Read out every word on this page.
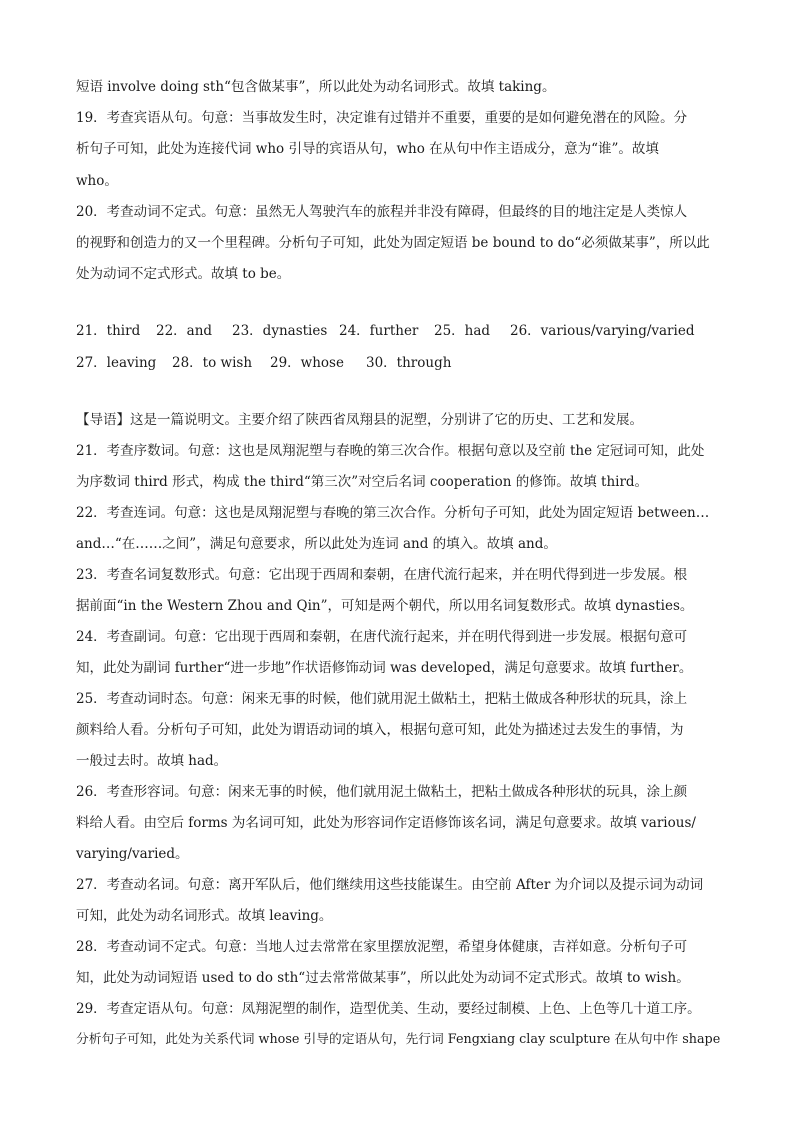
短语 involve doing sth“包含做某事”，所以此处为动名词形式。故填 taking。
19．考查宾语从句。句意：当事故发生时，决定谁有过错并不重要，重要的是如何避免潜在的风险。分
析句子可知，此处为连接代词 who 引导的宾语从句，who 在从句中作主语成分，意为“谁”。故填
who。
20．考查动词不定式。句意：虽然无人驾驶汽车的旅程并非没有障碍，但最终的目的地注定是人类惊人
的视野和创造力的又一个里程碑。分析句子可知，此处为固定短语 be bound to do“必须做某事”，所以此
处为动词不定式形式。故填 to be。
21．third 22．and 23．dynasties 24．further 25．had 26．various/varying/varied
27．leaving 28．to wish 29．whose 30．through
【导语】这是一篇说明文。主要介绍了陕西省凤翔县的泥塑，分别讲了它的历史、工艺和发展。
21．考查序数词。句意：这也是凤翔泥塑与春晚的第三次合作。根据句意以及空前 the 定冠词可知，此处
为序数词 third 形式，构成 the third“第三次”对空后名词 cooperation 的修饰。故填 third。
22．考查连词。句意：这也是凤翔泥塑与春晚的第三次合作。分析句子可知，此处为固定短语 between…
and…“在……之间”，满足句意要求，所以此处为连词 and 的填入。故填 and。
23．考查名词复数形式。句意：它出现于西周和秦朝，在唐代流行起来，并在明代得到进一步发展。根
据前面“in the Western Zhou and Qin”，可知是两个朝代，所以用名词复数形式。故填 dynasties。
24．考查副词。句意：它出现于西周和秦朝，在唐代流行起来，并在明代得到进一步发展。根据句意可
知，此处为副词 further“进一步地”作状语修饰动词 was developed，满足句意要求。故填 further。
25．考查动词时态。句意：闲来无事的时候，他们就用泥土做粘土，把粘土做成各种形状的玩具，涂上
颜料给人看。分析句子可知，此处为谓语动词的填入，根据句意可知，此处为描述过去发生的事情，为
一般过去时。故填 had。
26．考查形容词。句意：闲来无事的时候，他们就用泥土做粘土，把粘土做成各种形状的玩具，涂上颜
料给人看。由空后 forms 为名词可知，此处为形容词作定语修饰该名词，满足句意要求。故填 various/
varying/varied。
27．考查动名词。句意：离开军队后，他们继续用这些技能谋生。由空前 After 为介词以及提示词为动词
可知，此处为动名词形式。故填 leaving。
28．考查动词不定式。句意：当地人过去常常在家里摆放泥塑，希望身体健康，吉祥如意。分析句子可
知，此处为动词短语 used to do sth“过去常常做某事”，所以此处为动词不定式形式。故填 to wish。
29．考查定语从句。句意：凤翔泥塑的制作，造型优美、生动，要经过制模、上色、上色等几十道工序。
分析句子可知，此处为关系代词 whose 引导的定语从句，先行词 Fengxiang clay sculpture 在从句中作 shape
